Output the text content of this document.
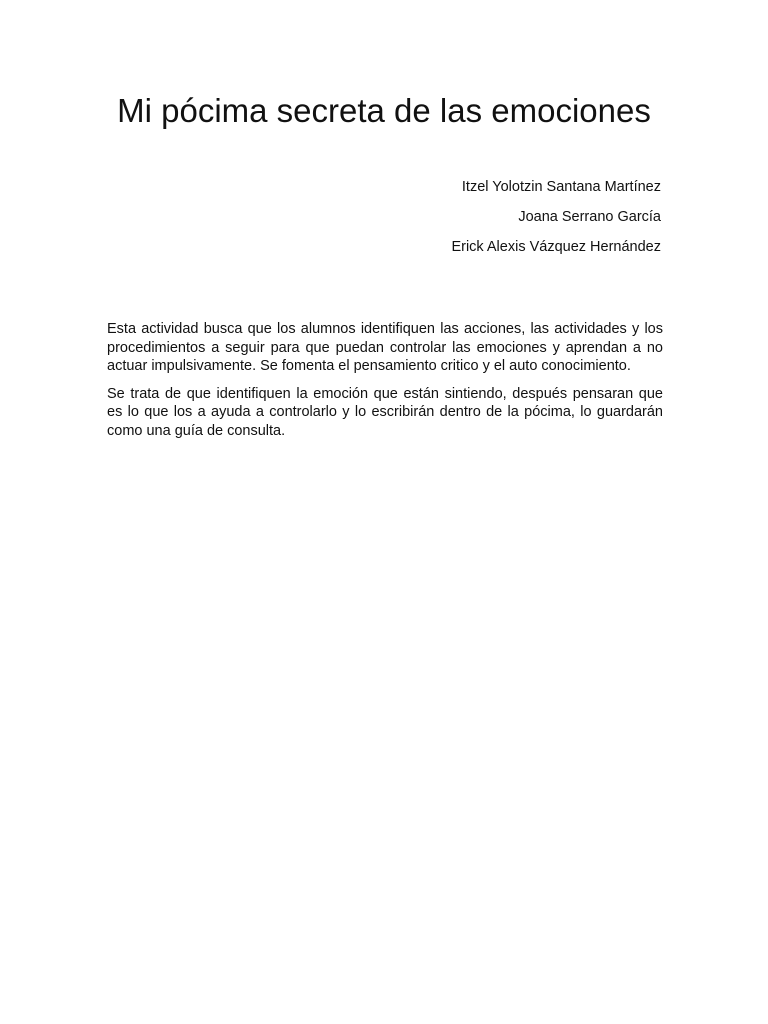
Mi pócima secreta de las emociones
Itzel Yolotzin Santana Martínez
Joana Serrano García
Erick Alexis Vázquez Hernández

Esta actividad busca que los alumnos identifiquen las acciones, las actividades y los procedimientos a seguir para que puedan controlar las emociones y aprendan a no actuar impulsivamente. Se fomenta el pensamiento critico y el auto conocimiento.

Se trata de que identifiquen la emoción que están sintiendo, después pensaran que es lo que los a ayuda a controlarlo y lo escribirán dentro de la pócima, lo guardarán como una guía de consulta.
